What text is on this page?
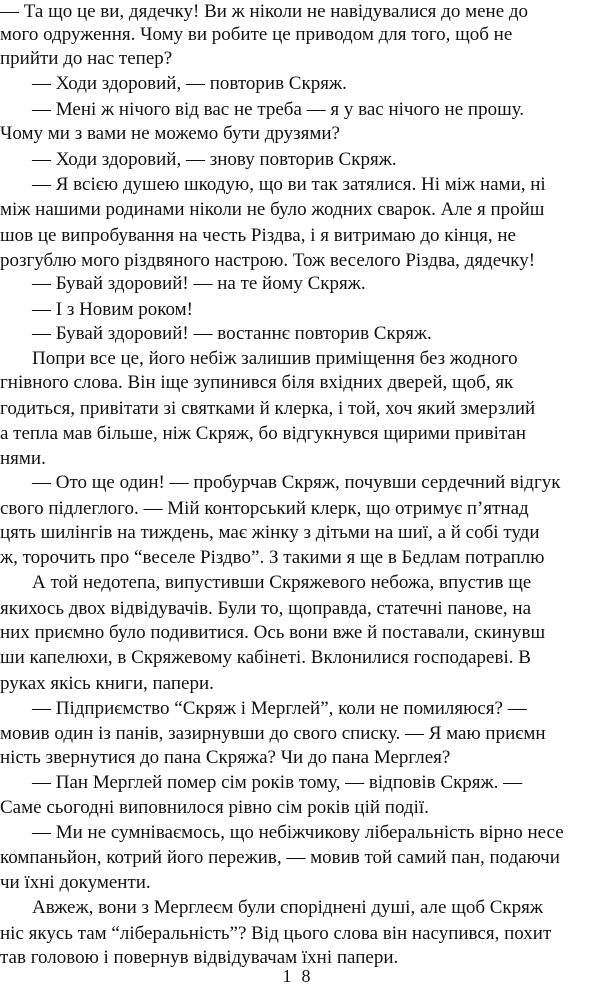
— Та що це ви, дядечку! Ви ж ніколи не навідувалися до мене до
мого одруження. Чому ви робите це приводом для того, щоб не
прийти до нас тепер?
— Ходи здоровий, — повторив Скряж.
— Мені ж нічого від вас не треба — я у вас нічого не прошу.
Чому ми з вами не можемо бути друзями?
— Ходи здоровий, — знову повторив Скряж.
— Я всією душею шкодую, що ви так затялися. Ні між нами, ні
між нашими родинами ніколи не було жодних сварок. Але я пройш
шов це випробування на честь Різдва, і я витримаю до кінця, не
розгублю мого різдвяного настрою. Тож веселого Різдва, дядечку!
— Бувай здоровий! — на те йому Скряж.
— І з Новим роком!
— Бувай здоровий! — востаннє повторив Скряж.
Попри все це, його небіж залишив приміщення без жодного
гнівного слова. Він іще зупинився біля вхідних дверей, щоб, як
годиться, привітати зі святками й клерка, і той, хоч який змерзлий
а тепла мав більше, ніж Скряж, бо відгукнувся щирими привітан
нями.
— Ото ще один! — пробурчав Скряж, почувши сердечний відгук
свого підлеглого. — Мій конторський клерк, що отримує п’ятнад
цять шилінгів на тиждень, має жінку з дітьми на шиї, а й собі туди
ж, торочить про “веселе Різдво”. З такими я ще в Бедлам потраплю
А той недотепа, випустивши Скряжевого небожа, впустив ще
якихось двох відвідувачів. Були то, щоправда, статечні панове, на
них приємно було подивитися. Ось вони вже й поставали, скинувш
ши капелюхи, в Скряжевому кабінеті. Вклонилися господареві. В
руках якісь книги, папери.
— Підприємство “Скряж і Мерглей”, коли не помиляюся? —
мовив один із панів, зазирнувши до свого списку. — Я маю приємн
ність звернутися до пана Скряжа? Чи до пана Мерглея?
— Пан Мерглей помер сім років тому, — відповів Скряж. —
Саме сьогодні виповнилося рівно сім років цій події.
— Ми не сумніваємось, що небіжчикову ліберальність вірно несе
компаньйон, котрий його пережив, — мовив той самий пан, подаючи
чи їхні документи.
Авжеж, вони з Мерглеєм були споріднені душі, але щоб Скряж
ніс якусь там “ліберальність”? Від цього слова він насупився, похит
тав головою і повернув відвідувачам їхні папери.
18
